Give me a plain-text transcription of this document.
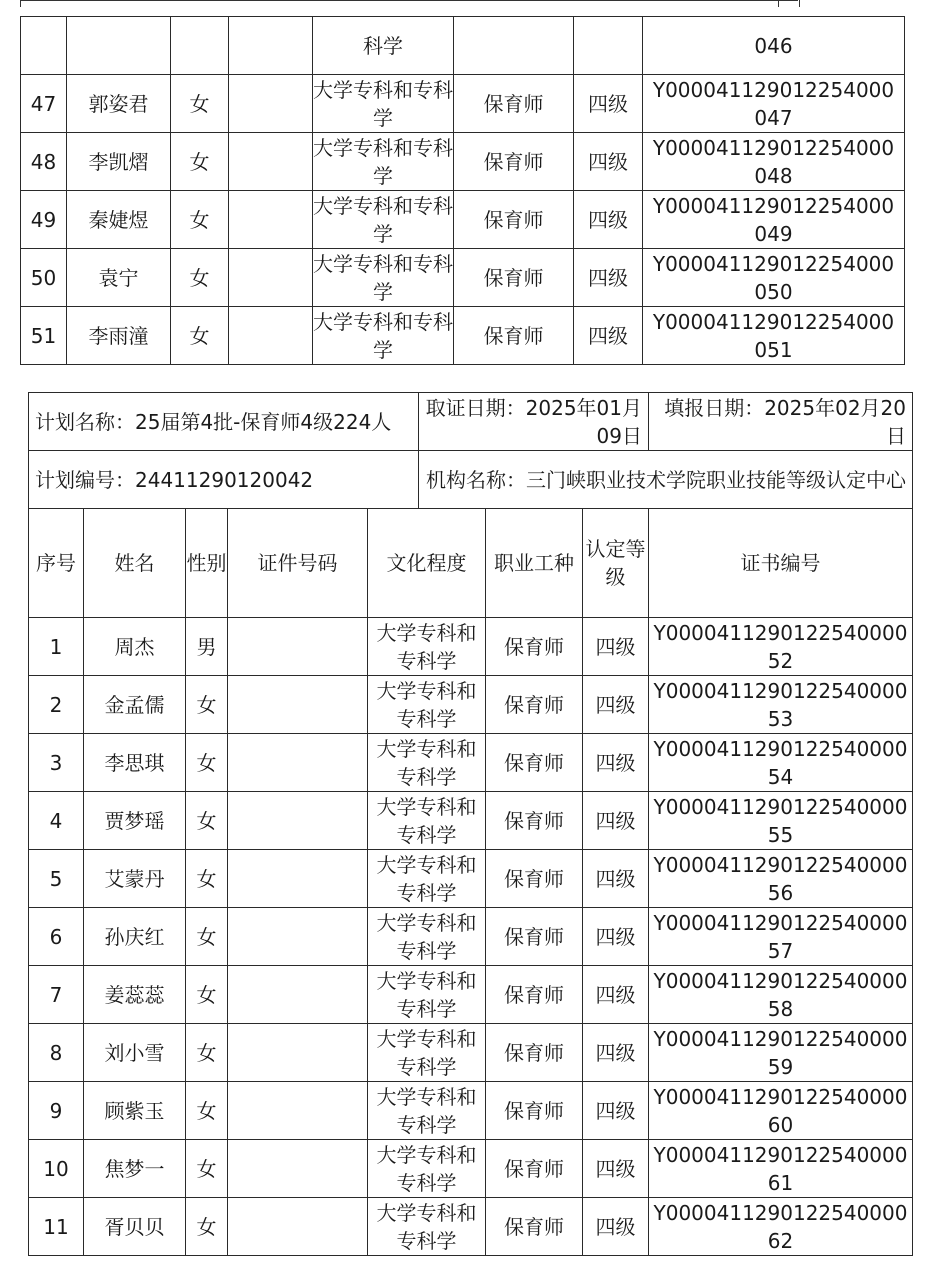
				科学			046

47	郭姿君	女		大学专科和专科学	保育师	四级	Y00004112901225400​0
047

48	李凯熠	女		大学专科和专科学	保育师	四级	Y000041129012254000
048

49	秦婕煜	女		大学专科和专科学	保育师	四级	Y000041129012254000
049

50	袁宁	女		大学专科和专科学	保育师	四级	Y000041129012254000
050

51	李雨潼	女		大学专科和专科学	保育师	四级	Y000041129012254000
051
计划名称：25届第4批-保育师4级224人	取证日期：2025年01月09日	填报日期：2025年02月20日
计划编号：24411290120042	机构名称：三门峡职业技术学院职业技能等级认定中心	
序号	姓名	性别	证件号码	文化程度	职业工种	认定等级	证书编号
1	周杰	男		大学专科和专科学	保育师	四级	Y0000411290122540000
52

2	金孟儒	女		大学专科和专科学	保育师	四级	Y0000411290122540000
53

3	李思琪	女		大学专科和专科学	保育师	四级	Y0000411290122540000
54

4	贾梦瑶	女		大学专科和专科学	保育师	四级	Y0000411290122540000
55

5	艾蒙丹	女		大学专科和专科学	保育师	四级	Y0000411290122540000
56

6	孙庆红	女		大学专科和专科学	保育师	四级	Y0000411290122540000
57

7	姜蕊蕊	女		大学专科和专科学	保育师	四级	Y0000411290122540000
58

8	刘小雪	女		大学专科和专科学	保育师	四级	Y0000411290122540000
59

9	顾紫玉	女		大学专科和专科学	保育师	四级	Y0000411290122540000
60

10	焦梦一	女		大学专科和专科学	保育师	四级	Y0000411290122540000
61

11	胥贝贝	女		大学专科和专科学	保育师	四级	Y0000411290122540000
62
